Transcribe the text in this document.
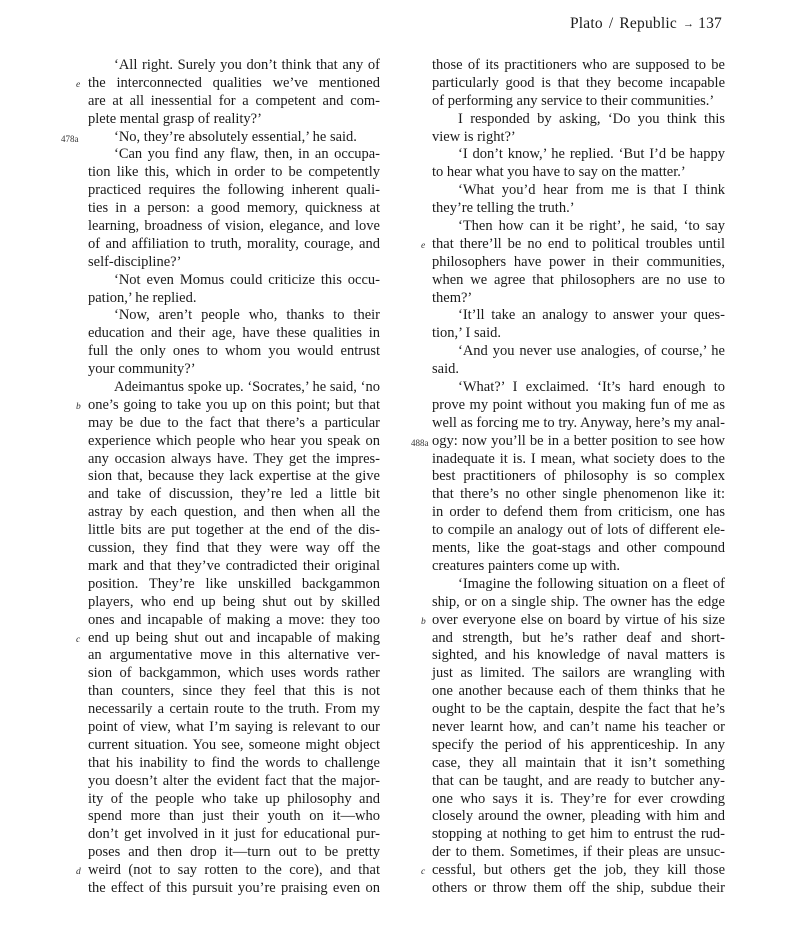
Plato / Republic → 137
‘All right. Surely you don’t think that any of
e the interconnected qualities we’ve mentioned
are at all inessential for a competent and com-
plete mental grasp of reality?’
478a ‘No, they’re absolutely essential,’ he said.
‘Can you find any flaw, then, in an occupa-
tion like this, which in order to be competently
practiced requires the following inherent quali-
ties in a person: a good memory, quickness at
learning, broadness of vision, elegance, and love
of and affiliation to truth, morality, courage, and
self-discipline?’
‘Not even Momus could criticize this occu-
pation,’ he replied.
‘Now, aren’t people who, thanks to their
education and their age, have these qualities in
full the only ones to whom you would entrust
your community?’
Adeimantus spoke up. ‘Socrates,’ he said, ‘no
b one’s going to take you up on this point; but that
may be due to the fact that there’s a particular
experience which people who hear you speak on
any occasion always have. They get the impres-
sion that, because they lack expertise at the give
and take of discussion, they’re led a little bit
astray by each question, and then when all the
little bits are put together at the end of the dis-
cussion, they find that they were way off the
mark and that they’ve contradicted their original
position. They’re like unskilled backgammon
players, who end up being shut out by skilled
ones and incapable of making a move: they too
c end up being shut out and incapable of making
an argumentative move in this alternative ver-
sion of backgammon, which uses words rather
than counters, since they feel that this is not
necessarily a certain route to the truth. From my
point of view, what I’m saying is relevant to our
current situation. You see, someone might object
that his inability to find the words to challenge
you doesn’t alter the evident fact that the major-
ity of the people who take up philosophy and
spend more than just their youth on it—who
don’t get involved in it just for educational pur-
poses and then drop it—turn out to be pretty
d weird (not to say rotten to the core), and that
the effect of this pursuit you’re praising even on
those of its practitioners who are supposed to be
particularly good is that they become incapable
of performing any service to their communities.’
I responded by asking, ‘Do you think this
view is right?’
‘I don’t know,’ he replied. ‘But I’d be happy
to hear what you have to say on the matter.’
‘What you’d hear from me is that I think
they’re telling the truth.’
‘Then how can it be right’, he said, ‘to say
e that there’ll be no end to political troubles until
philosophers have power in their communities,
when we agree that philosophers are no use to
them?’
‘It’ll take an analogy to answer your ques-
tion,’ I said.
‘And you never use analogies, of course,’ he
said.
‘What?’ I exclaimed. ‘It’s hard enough to
prove my point without you making fun of me as
well as forcing me to try. Anyway, here’s my anal-
488a ogy: now you’ll be in a better position to see how
inadequate it is. I mean, what society does to the
best practitioners of philosophy is so complex
that there’s no other single phenomenon like it:
in order to defend them from criticism, one has
to compile an analogy out of lots of different ele-
ments, like the goat-stags and other compound
creatures painters come up with.
‘Imagine the following situation on a fleet of
ship, or on a single ship. The owner has the edge
b over everyone else on board by virtue of his size
and strength, but he’s rather deaf and short-
sighted, and his knowledge of naval matters is
just as limited. The sailors are wrangling with
one another because each of them thinks that he
ought to be the captain, despite the fact that he’s
never learnt how, and can’t name his teacher or
specify the period of his apprenticeship. In any
case, they all maintain that it isn’t something
that can be taught, and are ready to butcher any-
one who says it is. They’re for ever crowding
closely around the owner, pleading with him and
stopping at nothing to get him to entrust the rud-
der to them. Sometimes, if their pleas are unsuc-
c cessful, but others get the job, they kill those
others or throw them off the ship, subdue their
